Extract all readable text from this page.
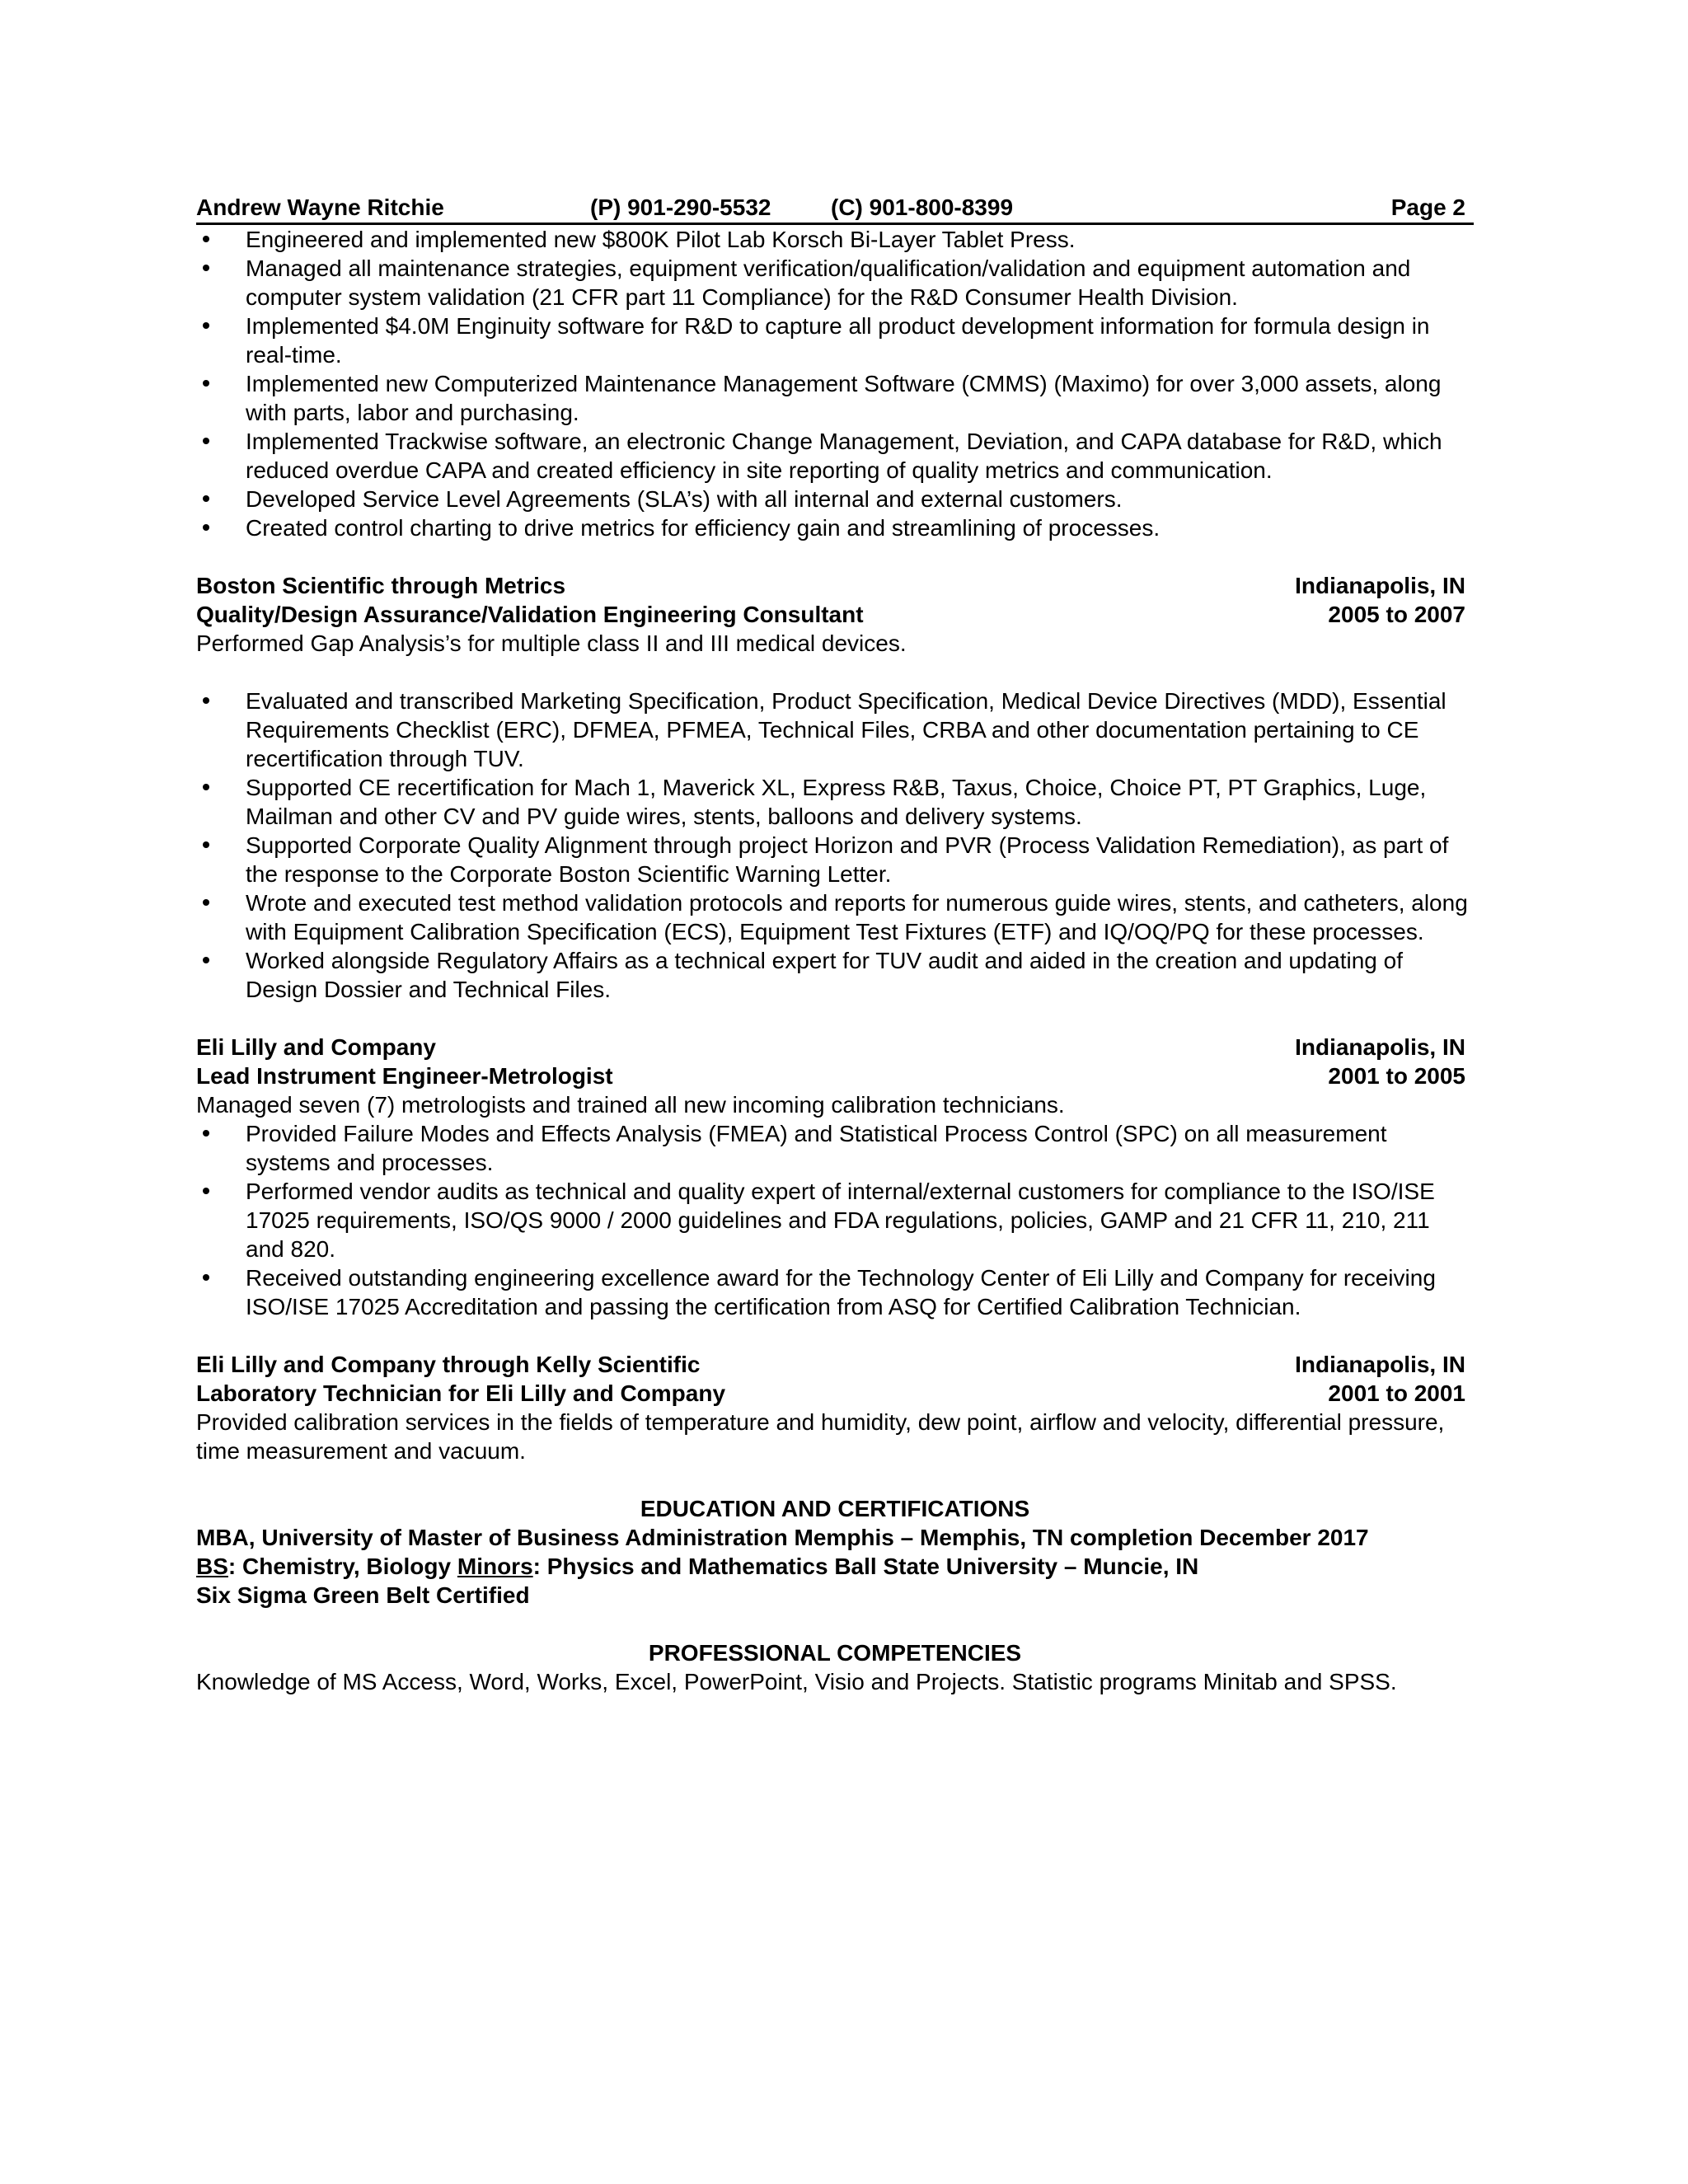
Andrew Wayne Ritchie	(P) 901-290-5532	(C) 901-800-8399	Page 2
Engineered and implemented new $800K Pilot Lab Korsch Bi-Layer Tablet Press.
Managed all maintenance strategies, equipment verification/qualification/validation and equipment automation and computer system validation (21 CFR part 11 Compliance) for the R&D Consumer Health Division.
Implemented $4.0M Enginuity software for R&D to capture all product development information for formula design in real-time.
Implemented new Computerized Maintenance Management Software (CMMS) (Maximo) for over 3,000 assets, along with parts, labor and purchasing.
Implemented Trackwise software, an electronic Change Management, Deviation, and CAPA database for R&D, which reduced overdue CAPA and created efficiency in site reporting of quality metrics and communication.
Developed Service Level Agreements (SLA’s) with all internal and external customers.
Created control charting to drive metrics for efficiency gain and streamlining of processes.
Boston Scientific through Metrics	Indianapolis, IN
Quality/Design Assurance/Validation Engineering Consultant	2005 to 2007
Performed Gap Analysis’s for multiple class II and III medical devices.
Evaluated and transcribed Marketing Specification, Product Specification, Medical Device Directives (MDD), Essential Requirements Checklist (ERC), DFMEA, PFMEA, Technical Files, CRBA and other documentation pertaining to CE recertification through TUV.
Supported CE recertification for Mach 1, Maverick XL, Express R&B, Taxus, Choice, Choice PT, PT Graphics, Luge, Mailman and other CV and PV guide wires, stents, balloons and delivery systems.
Supported Corporate Quality Alignment through project Horizon and PVR (Process Validation Remediation), as part of the response to the Corporate Boston Scientific Warning Letter.
Wrote and executed test method validation protocols and reports for numerous guide wires, stents, and catheters, along with Equipment Calibration Specification (ECS), Equipment Test Fixtures (ETF) and IQ/OQ/PQ for these processes.
Worked alongside Regulatory Affairs as a technical expert for TUV audit and aided in the creation and updating of Design Dossier and Technical Files.
Eli Lilly and Company	Indianapolis, IN
Lead Instrument Engineer-Metrologist	2001 to 2005
Managed seven (7) metrologists and trained all new incoming calibration technicians.
Provided Failure Modes and Effects Analysis (FMEA) and Statistical Process Control (SPC) on all measurement systems and processes.
Performed vendor audits as technical and quality expert of internal/external customers for compliance to the ISO/ISE 17025 requirements, ISO/QS 9000 / 2000 guidelines and FDA regulations, policies, GAMP and 21 CFR 11, 210, 211 and 820.
Received outstanding engineering excellence award for the Technology Center of Eli Lilly and Company for receiving ISO/ISE 17025 Accreditation and passing the certification from ASQ for Certified Calibration Technician.
Eli Lilly and Company through Kelly Scientific	Indianapolis, IN
Laboratory Technician for Eli Lilly and Company	2001 to 2001
Provided calibration services in the fields of temperature and humidity, dew point, airflow and velocity, differential pressure, time measurement and vacuum.
EDUCATION AND CERTIFICATIONS
MBA, University of Master of Business Administration Memphis – Memphis, TN completion December 2017
BS: Chemistry, Biology Minors: Physics and Mathematics Ball State University – Muncie, IN
Six Sigma Green Belt Certified
PROFESSIONAL COMPETENCIES
Knowledge of MS Access, Word, Works, Excel, PowerPoint, Visio and Projects. Statistic programs Minitab and SPSS.
